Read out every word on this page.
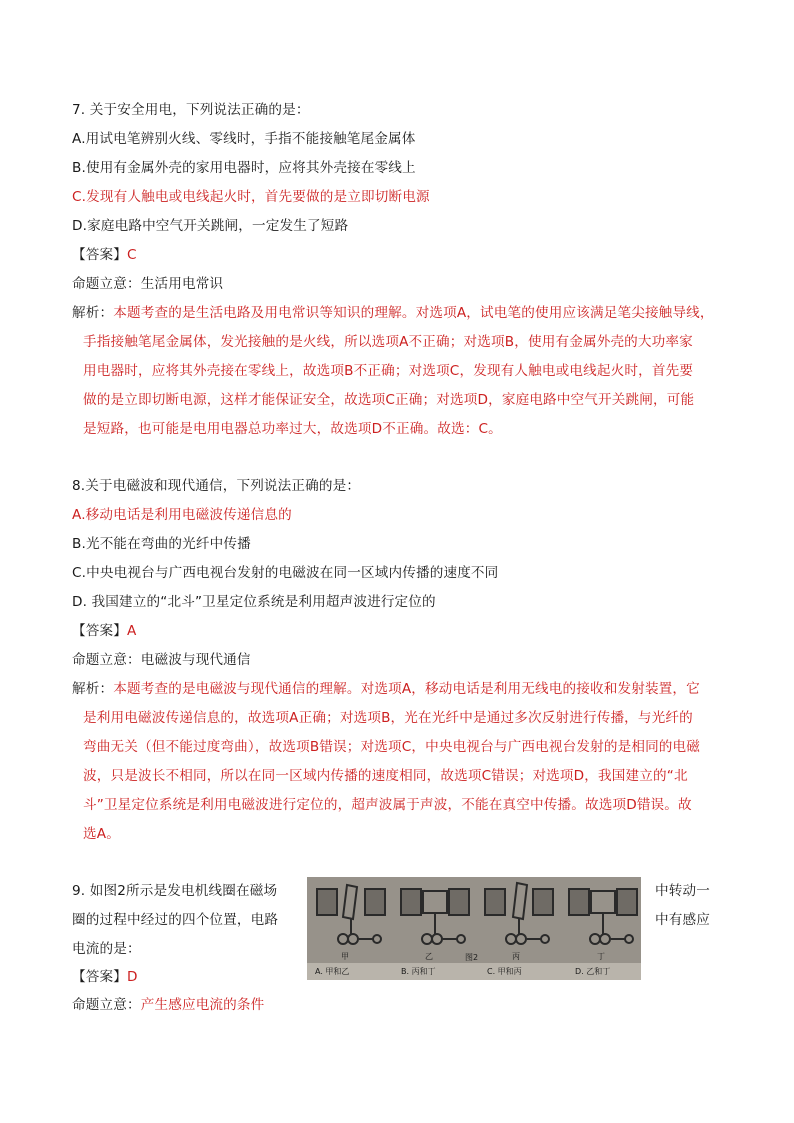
7. 关于安全用电，下列说法正确的是：
A.用试电笔辨别火线、零线时，手指不能接触笔尾金属体
B.使用有金属外壳的家用电器时，应将其外壳接在零线上
C.发现有人触电或电线起火时，首先要做的是立即切断电源
D.家庭电路中空气开关跳闸，一定发生了短路
【答案】C
命题立意：生活用电常识
解析：本题考查的是生活电路及用电常识等知识的理解。对选项A，试电笔的使用应该满足笔尖接触导线，
手指接触笔尾金属体，发光接触的是火线，所以选项A不正确；对选项B，使用有金属外壳的大功率家
用电器时，应将其外壳接在零线上，故选项B不正确；对选项C，发现有人触电或电线起火时，首先要
做的是立即切断电源，这样才能保证安全，故选项C正确；对选项D，家庭电路中空气开关跳闸，可能
是短路，也可能是电用电器总功率过大，故选项D不正确。故选：C。
8.关于电磁波和现代通信，下列说法正确的是：
A.移动电话是利用电磁波传递信息的
B.光不能在弯曲的光纤中传播
C.中央电视台与广西电视台发射的电磁波在同一区域内传播的速度不同
D. 我国建立的“北斗”卫星定位系统是利用超声波进行定位的
【答案】A
命题立意：电磁波与现代通信
解析：本题考查的是电磁波与现代通信的理解。对选项A，移动电话是利用无线电的接收和发射装置，它
是利用电磁波传递信息的，故选项A正确；对选项B，光在光纤中是通过多次反射进行传播，与光纤的
弯曲无关（但不能过度弯曲），故选项B错误；对选项C，中央电视台与广西电视台发射的是相同的电磁
波，只是波长不相同，所以在同一区域内传播的速度相同，故选项C错误；对选项D，我国建立的“北
斗”卫星定位系统是利用电磁波进行定位的，超声波属于声波，不能在真空中传播。故选项D错误。故
选A。
9. 如图2所示是发电机线圈在磁场	中转动一
圈的过程中经过的四个位置，电路	中有感应
电流的是：
【答案】D
命题立意：产生感应电流的条件
甲	乙	丙	丁
图2
A. 甲和乙	B. 丙和丁	C. 甲和丙	D. 乙和丁
